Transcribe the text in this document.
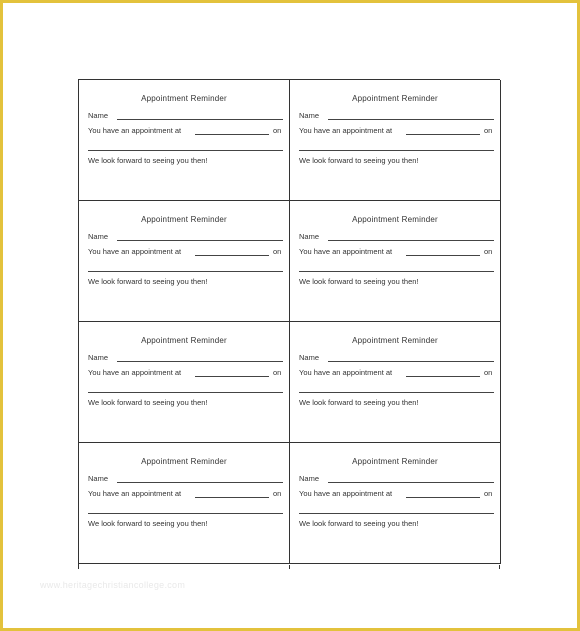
Appointment Reminder
Name
You have an appointment at	on
We look forward to seeing you then!
Appointment Reminder
Name
You have an appointment at	on
We look forward to seeing you then!
Appointment Reminder
Name
You have an appointment at	on
We look forward to seeing you then!
Appointment Reminder
Name
You have an appointment at	on
We look forward to seeing you then!
Appointment Reminder
Name
You have an appointment at	on
We look forward to seeing you then!
Appointment Reminder
Name
You have an appointment at	on
We look forward to seeing you then!
Appointment Reminder
Name
You have an appointment at	on
We look forward to seeing you then!
Appointment Reminder
Name
You have an appointment at	on
We look forward to seeing you then!
www.heritagechristiancollege.com
